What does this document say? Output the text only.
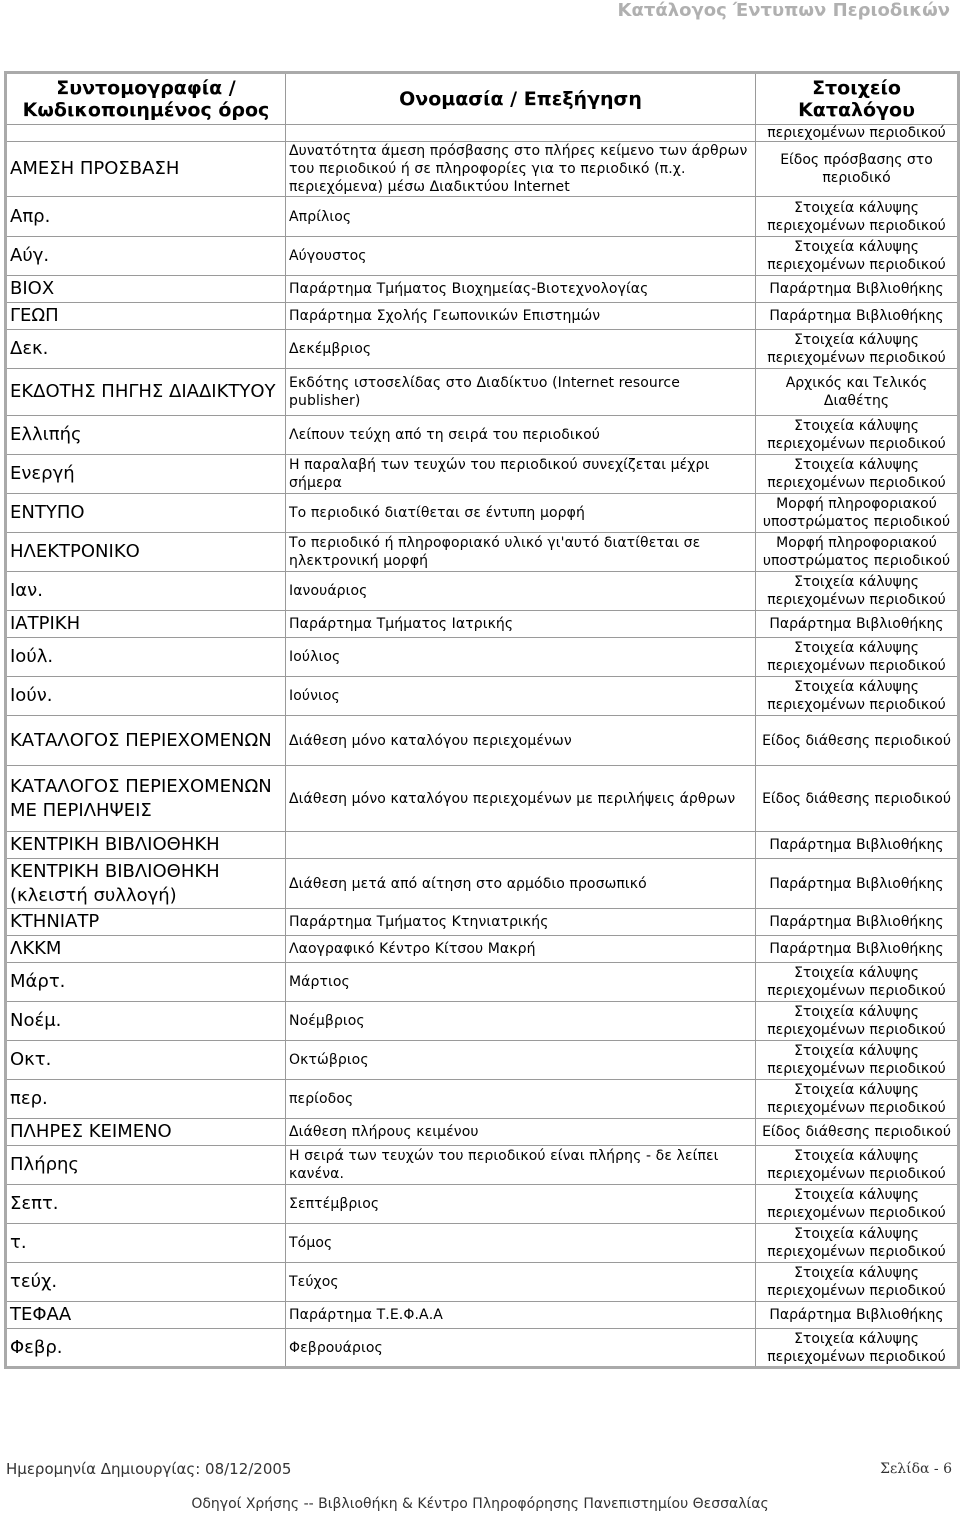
Κατάλογος Έντυπων Περιοδικών
Συντομογραφία / Κωδικοποιημένος όρος	Ονομασία / Επεξήγηση	Στοιχείο Καταλόγου
		περιεχομένων περιοδικού
ΑΜΕΣΗ ΠΡΟΣΒΑΣΗ	Δυνατότητα άμεση πρόσβασης στο πλήρες κείμενο των άρθρων του περιοδικού ή σε πληροφορίες για το περιοδικό (π.χ. περιεχόμενα) μέσω Διαδικτύου Internet	Είδος πρόσβασης στο περιοδικό
Απρ.	Απρίλιος	Στοιχεία κάλυψης περιεχομένων περιοδικού
Αύγ.	Αύγουστος	Στοιχεία κάλυψης περιεχομένων περιοδικού
ΒΙΟΧ	Παράρτημα Τμήματος Βιοχημείας-Βιοτεχνολογίας	Παράρτημα Βιβλιοθήκης
ΓΕΩΠ	Παράρτημα Σχολής Γεωπονικών Επιστημών	Παράρτημα Βιβλιοθήκης
Δεκ.	Δεκέμβριος	Στοιχεία κάλυψης περιεχομένων περιοδικού
ΕΚΔΟΤΗΣ ΠΗΓΗΣ ΔΙΑΔΙΚΤΥΟΥ	Εκδότης ιστοσελίδας στο Διαδίκτυο (Internet resource publisher)	Αρχικός και Τελικός Διαθέτης
Ελλιπής	Λείπουν τεύχη από τη σειρά του περιοδικού	Στοιχεία κάλυψης περιεχομένων περιοδικού
Ενεργή	Η παραλαβή των τευχών του περιοδικού συνεχίζεται μέχρι σήμερα	Στοιχεία κάλυψης περιεχομένων περιοδικού
ΕΝΤΥΠΟ	Το περιοδικό διατίθεται σε έντυπη μορφή	Μορφή πληροφοριακού υποστρώματος περιοδικού
ΗΛΕΚΤΡΟΝΙΚΟ	Το περιοδικό ή πληροφοριακό υλικό γι'αυτό διατίθεται σε ηλεκτρονική μορφή	Μορφή πληροφοριακού υποστρώματος περιοδικού
Ιαν.	Ιανουάριος	Στοιχεία κάλυψης περιεχομένων περιοδικού
ΙΑΤΡΙΚΗ	Παράρτημα Τμήματος Ιατρικής	Παράρτημα Βιβλιοθήκης
Ιούλ.	Ιούλιος	Στοιχεία κάλυψης περιεχομένων περιοδικού
Ιούν.	Ιούνιος	Στοιχεία κάλυψης περιεχομένων περιοδικού
ΚΑΤΑΛΟΓΟΣ ΠΕΡΙΕΧΟΜΕΝΩΝ	Διάθεση μόνο καταλόγου περιεχομένων	Είδος διάθεσης περιοδικού
ΚΑΤΑΛΟΓΟΣ ΠΕΡΙΕΧΟΜΕΝΩΝ ΜΕ ΠΕΡΙΛΗΨΕΙΣ	Διάθεση μόνο καταλόγου περιεχομένων με περιλήψεις άρθρων	Είδος διάθεσης περιοδικού
ΚΕΝΤΡΙΚΗ ΒΙΒΛΙΟΘΗΚΗ		Παράρτημα Βιβλιοθήκης
ΚΕΝΤΡΙΚΗ ΒΙΒΛΙΟΘΗΚΗ (κλειστή συλλογή)	Διάθεση μετά από αίτηση στο αρμόδιο προσωπικό	Παράρτημα Βιβλιοθήκης
ΚΤΗΝΙΑΤΡ	Παράρτημα Τμήματος Κτηνιατρικής	Παράρτημα Βιβλιοθήκης
ΛΚΚΜ	Λαογραφικό Κέντρο Κίτσου Μακρή	Παράρτημα Βιβλιοθήκης
Μάρτ.	Μάρτιος	Στοιχεία κάλυψης περιεχομένων περιοδικού
Νοέμ.	Νοέμβριος	Στοιχεία κάλυψης περιεχομένων περιοδικού
Οκτ.	Οκτώβριος	Στοιχεία κάλυψης περιεχομένων περιοδικού
περ.	περίοδος	Στοιχεία κάλυψης περιεχομένων περιοδικού
ΠΛΗΡΕΣ ΚΕΙΜΕΝΟ	Διάθεση πλήρους κειμένου	Είδος διάθεσης περιοδικού
Πλήρης	Η σειρά των τευχών του περιοδικού είναι πλήρης - δε λείπει κανένα.	Στοιχεία κάλυψης περιεχομένων περιοδικού
Σεπτ.	Σεπτέμβριος	Στοιχεία κάλυψης περιεχομένων περιοδικού
τ.	Τόμος	Στοιχεία κάλυψης περιεχομένων περιοδικού
τεύχ.	Τεύχος	Στοιχεία κάλυψης περιεχομένων περιοδικού
ΤΕΦΑΑ	Παράρτημα Τ.Ε.Φ.Α.Α	Παράρτημα Βιβλιοθήκης
Φεβρ.	Φεβρουάριος	Στοιχεία κάλυψης περιεχομένων περιοδικού
Ημερομηνία Δημιουργίας: 08/12/2005	Σελίδα - 6
Οδηγοί Χρήσης -- Βιβλιοθήκη & Κέντρο Πληροφόρησης Πανεπιστημίου Θεσσαλίας
